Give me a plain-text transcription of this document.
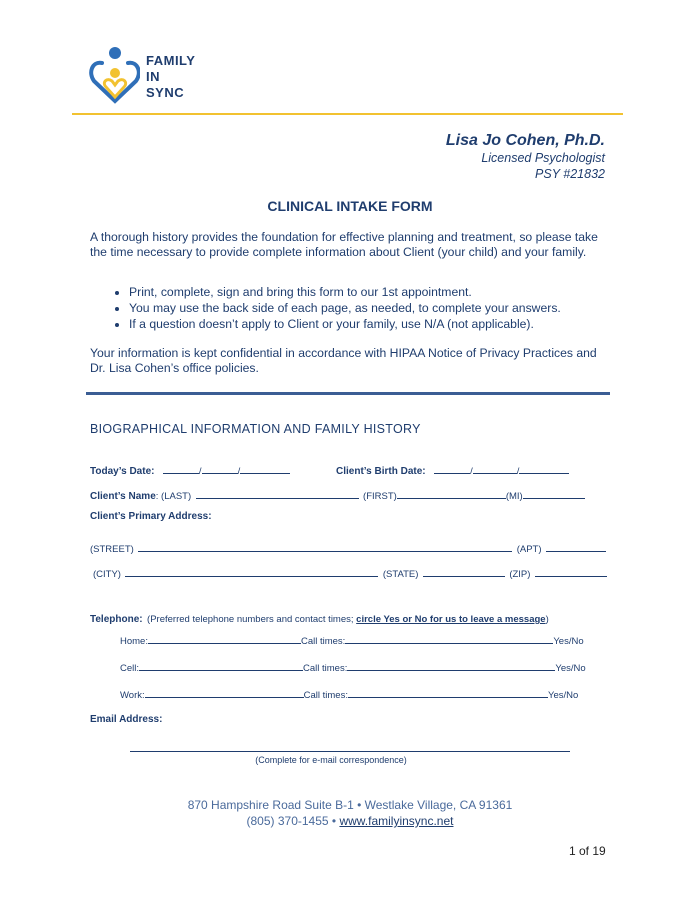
FAMILY
IN
SYNC
Lisa Jo Cohen, Ph.D.
Licensed Psychologist
PSY #21832
CLINICAL INTAKE FORM
A thorough history provides the foundation for effective planning and treatment, so please take the time necessary to provide complete information about Client (your child) and your family.
• Print, complete, sign and bring this form to our 1st appointment.
• You may use the back side of each page, as needed, to complete your answers.
• If a question doesn’t apply to Client or your family, use N/A (not applicable).
Your information is kept confidential in accordance with HIPAA Notice of Privacy Practices and Dr. Lisa Cohen’s office policies.
BIOGRAPHICAL INFORMATION AND FAMILY HISTORY
Today’s Date:	/	/	Client’s Birth Date:	/	/
Client’s Name: (LAST)	(FIRST)	(MI)
Client’s Primary Address:
(STREET)	(APT)
(CITY)	(STATE)	(ZIP)
Telephone: (Preferred telephone numbers and contact times; circle Yes or No for us to leave a message)
Home:	Call times:	Yes/No
Cell:	Call times:	Yes/No
Work:	Call times:	Yes/No
Email Address:
(Complete for e-mail correspondence)
870 Hampshire Road Suite B-1 • Westlake Village, CA 91361
(805) 370-1455 • www.familyinsync.net
1 of 19
